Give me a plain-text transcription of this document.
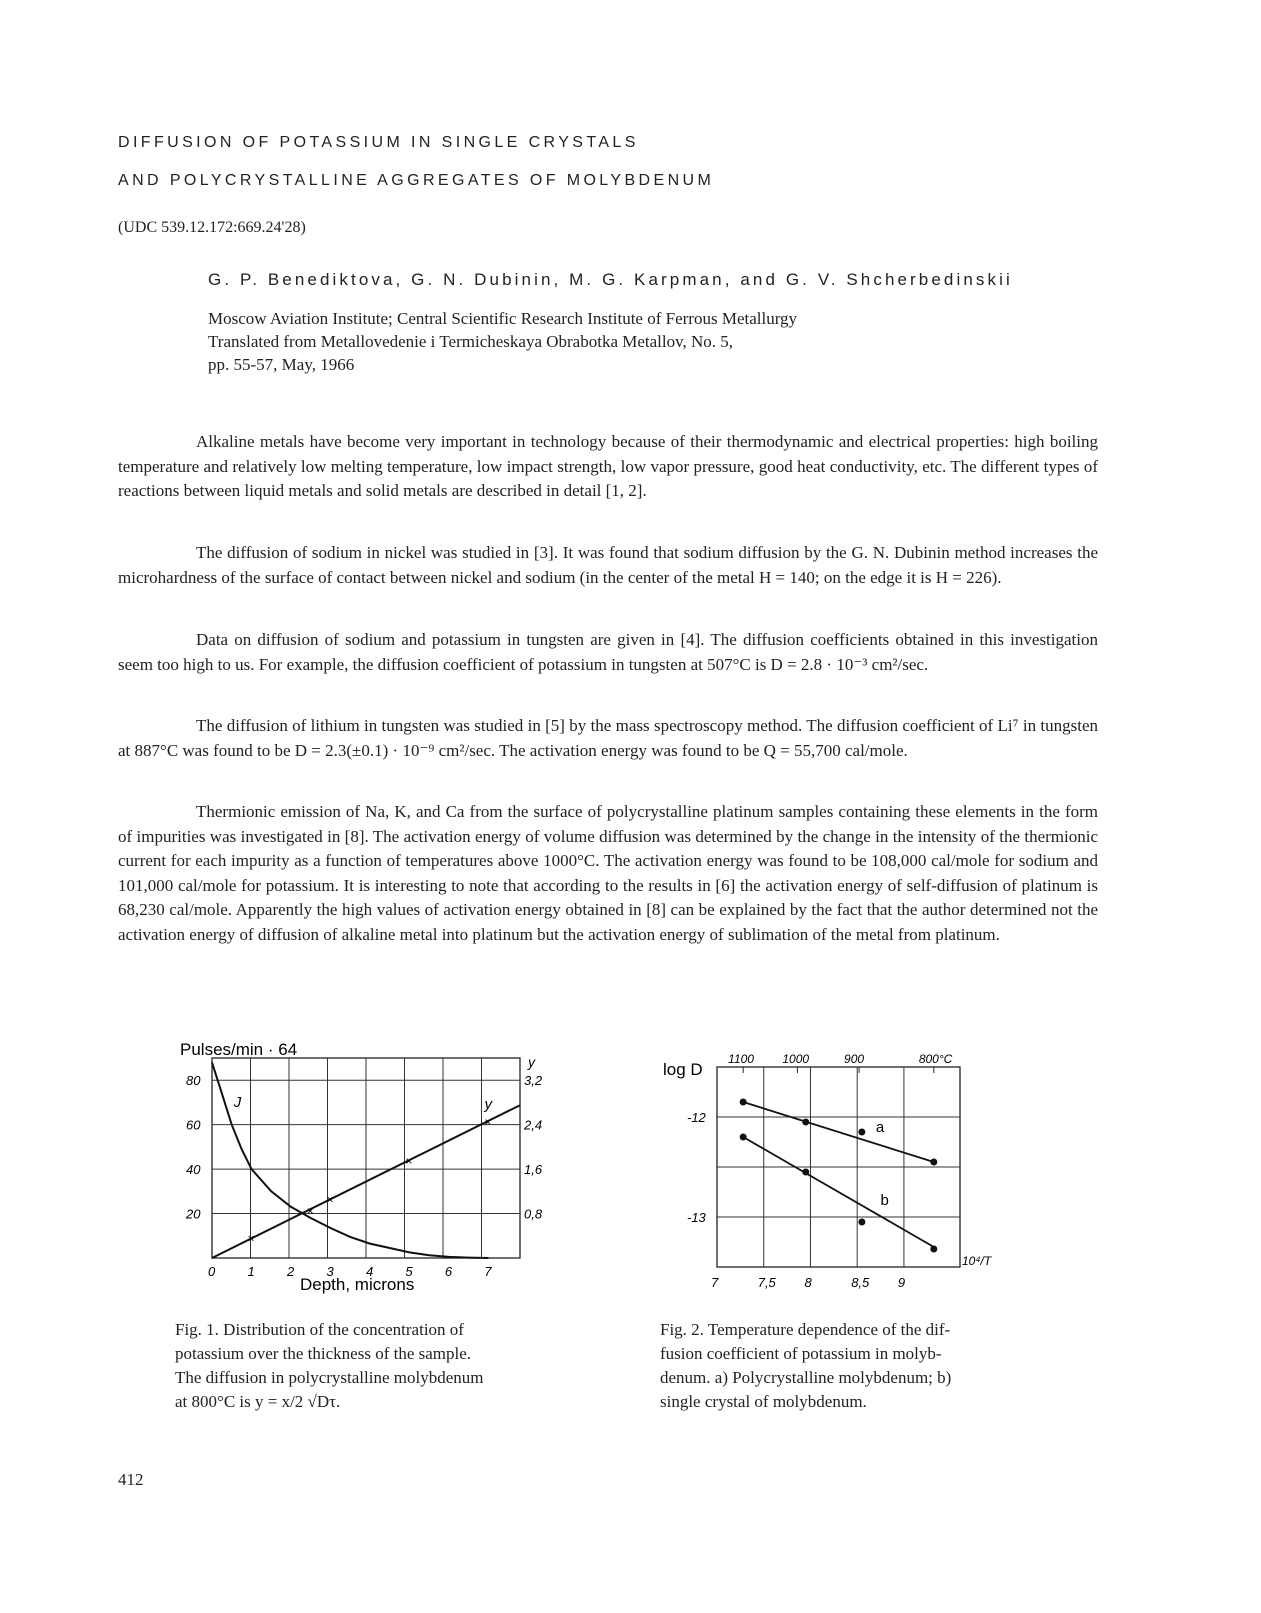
DIFFUSION OF POTASSIUM IN SINGLE CRYSTALS
AND POLYCRYSTALLINE AGGREGATES OF MOLYBDENUM
(UDC 539.12.172:669.24'28)
G. P. Benediktova, G. N. Dubinin, M. G. Karpman, and G. V. Shcherbedinskii
Moscow Aviation Institute; Central Scientific Research Institute of Ferrous Metallurgy
Translated from Metallovedenie i Termicheskaya Obrabotka Metallov, No. 5,
pp. 55-57, May, 1966
Alkaline metals have become very important in technology because of their thermodynamic and electrical properties: high boiling temperature and relatively low melting temperature, low impact strength, low vapor pressure, good heat conductivity, etc. The different types of reactions between liquid metals and solid metals are described in detail [1, 2].
The diffusion of sodium in nickel was studied in [3]. It was found that sodium diffusion by the G. N. Dubinin method increases the microhardness of the surface of contact between nickel and sodium (in the center of the metal H = 140; on the edge it is H = 226).
Data on diffusion of sodium and potassium in tungsten are given in [4]. The diffusion coefficients obtained in this investigation seem too high to us. For example, the diffusion coefficient of potassium in tungsten at 507°C is D = 2.8 · 10⁻³ cm²/sec.
The diffusion of lithium in tungsten was studied in [5] by the mass spectroscopy method. The diffusion coefficient of Li⁷ in tungsten at 887°C was found to be D = 2.3(±0.1) · 10⁻⁹ cm²/sec. The activation energy was found to be Q = 55,700 cal/mole.
Thermionic emission of Na, K, and Ca from the surface of polycrystalline platinum samples containing these elements in the form of impurities was investigated in [8]. The activation energy of volume diffusion was determined by the change in the intensity of the thermionic current for each impurity as a function of temperatures above 1000°C. The activation energy was found to be 108,000 cal/mole for sodium and 101,000 cal/mole for potassium. It is interesting to note that according to the results in [6] the activation energy of self-diffusion of platinum is 68,230 cal/mole. Apparently the high values of activation energy obtained in [8] can be explained by the fact that the author determined not the activation energy of diffusion of alkaline metal into platinum but the activation energy of sublimation of the metal from platinum.
Pulses/min · 64
0 1 2 3 4 5 6 7
20
40
60
80
0,8
1,6
2,4
3,2
J
×
×
×
×
×
y
Depth, microns
y	log D
1100 1000	900	800°C
7	7,5 8	8,5 9
-12
-13
10⁴/T
a
b
Fig. 1. Distribution of the concentration of
potassium over the thickness of the sample.
The diffusion in polycrystalline molybdenum
at 800°C is y = x/2 √Dτ.
Fig. 2. Temperature dependence of the dif-
fusion coefficient of potassium in molyb-
denum. a) Polycrystalline molybdenum; b)
single crystal of molybdenum.
412
